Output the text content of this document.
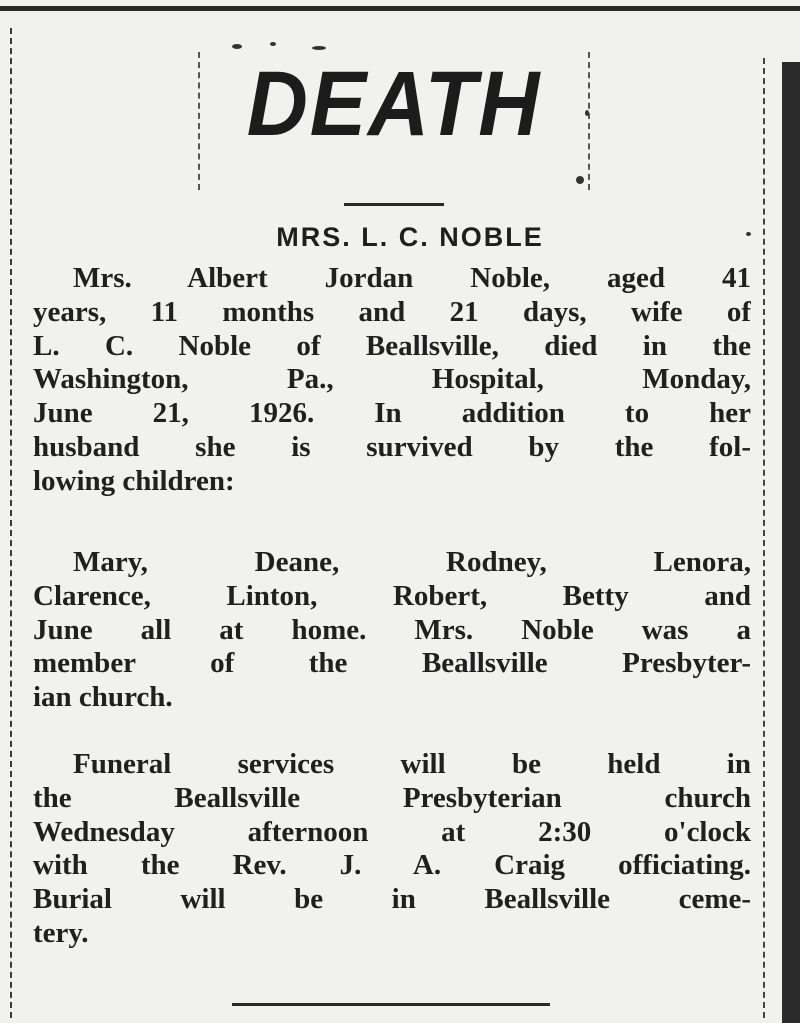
DEATH
MRS. L. C. NOBLE
Mrs. Albert Jordan Noble, aged 41
years, 11 months and 21 days, wife of
L. C. Noble of Beallsville, died in the
Washington, Pa., Hospital, Monday,
June 21, 1926. In addition to her
husband she is survived by the fol-
lowing children:
Mary, Deane, Rodney, Lenora,
Clarence, Linton, Robert, Betty and
June all at home. Mrs. Noble was a
member of the Beallsville Presbyter-
ian church.
Funeral services will be held in
the Beallsville Presbyterian church
Wednesday afternoon at 2:30 o'clock
with the Rev. J. A. Craig officiating.
Burial will be in Beallsville ceme-
tery.
